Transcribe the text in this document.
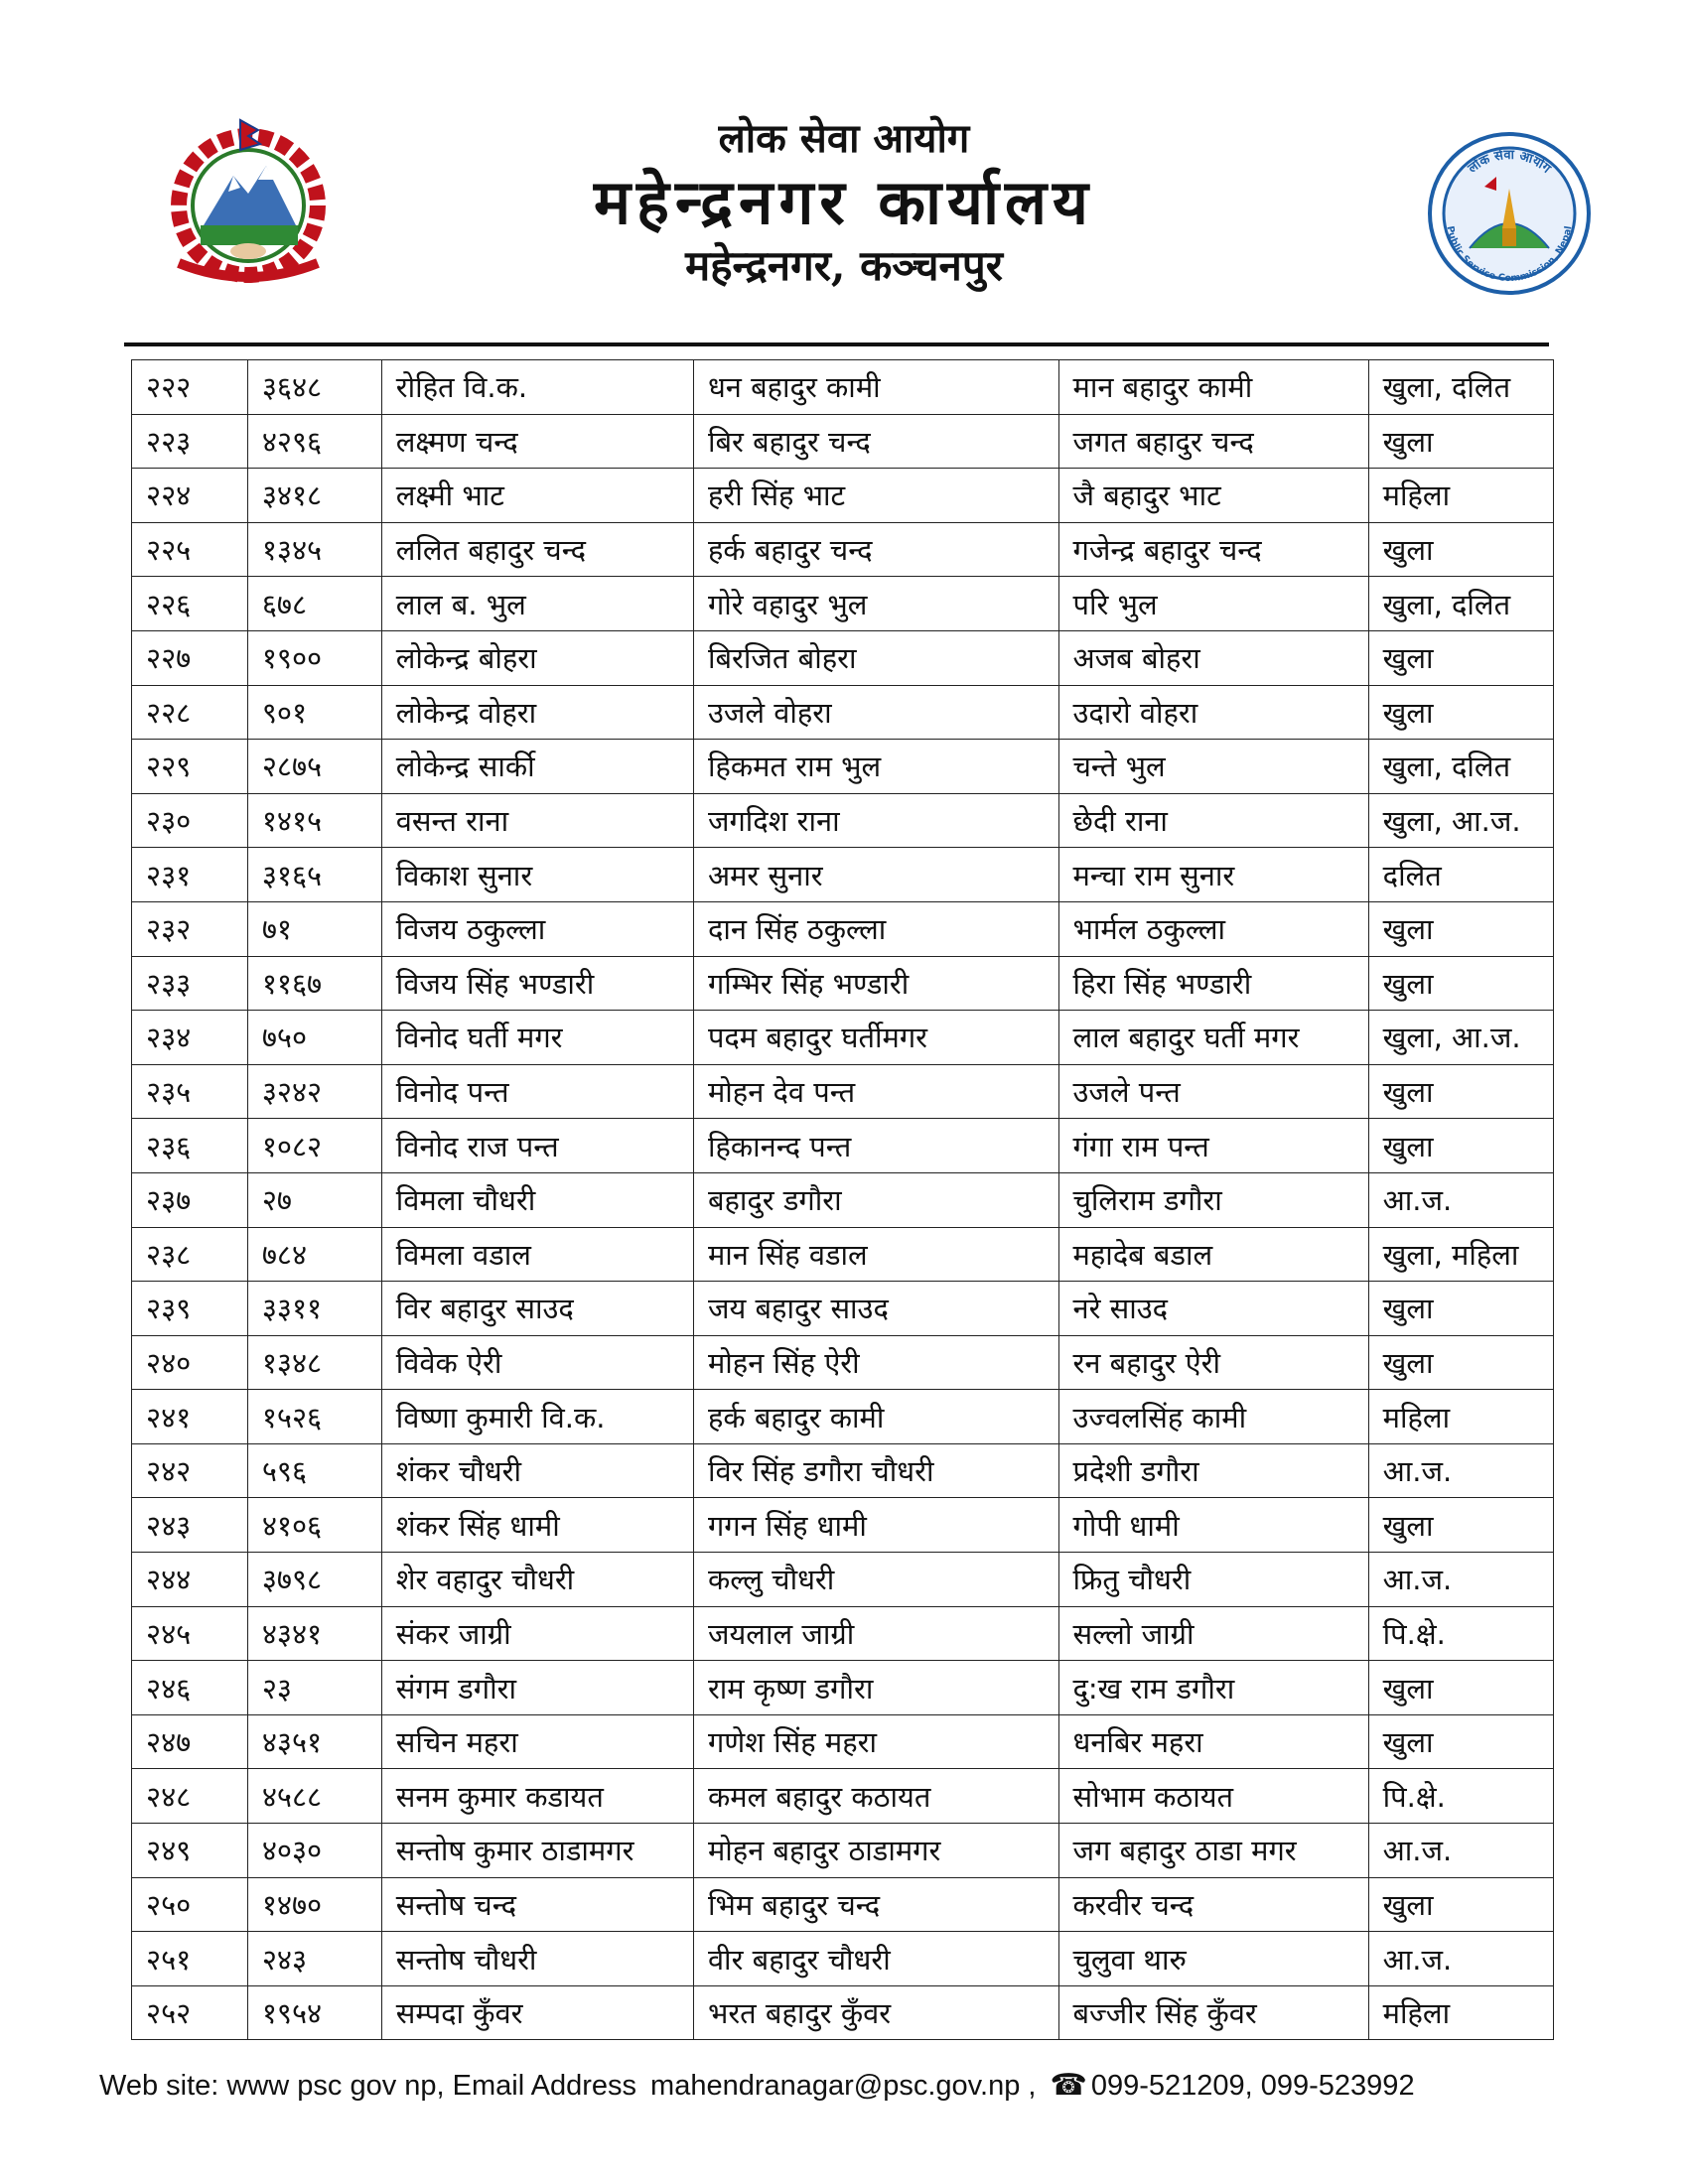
लोक सेवा आयोग
महेन्द्रनगर कार्यालय
महेन्द्रनगर, कञ्चनपुर
लोक सेवा आयोग
Public Service Commission, Nepal
२२२	३६४८	रोहित वि.क.	धन बहादुर कामी	मान बहादुर कामी	खुला, दलित
२२३	४२९६	लक्ष्मण चन्द	बिर बहादुर चन्द	जगत बहादुर चन्द	खुला
२२४	३४१८	लक्ष्मी भाट	हरी सिंह भाट	जै बहादुर भाट	महिला
२२५	१३४५	ललित बहादुर चन्द	हर्क बहादुर चन्द	गजेन्द्र बहादुर चन्द	खुला
२२६	६७८	लाल ब. भुल	गोरे वहादुर भुल	परि भुल	खुला, दलित
२२७	१९००	लोकेन्द्र बोहरा	बिरजित बोहरा	अजब बोहरा	खुला
२२८	९०१	लोकेन्द्र वोहरा	उजले वोहरा	उदारो वोहरा	खुला
२२९	२८७५	लोकेन्द्र सार्की	हिकमत राम भुल	चन्ते भुल	खुला, दलित
२३०	१४१५	वसन्त राना	जगदिश राना	छेदी राना	खुला, आ.ज.
२३१	३१६५	विकाश सुनार	अमर सुनार	मन्चा राम सुनार	दलित
२३२	७१	विजय ठकुल्ला	दान सिंह ठकुल्ला	भार्मल ठकुल्ला	खुला
२३३	११६७	विजय सिंह भण्डारी	गम्भिर सिंह भण्डारी	हिरा सिंह भण्डारी	खुला
२३४	७५०	विनोद घर्ती मगर	पदम बहादुर घर्तीमगर	लाल बहादुर घर्ती मगर	खुला, आ.ज.
२३५	३२४२	विनोद पन्त	मोहन देव पन्त	उजले पन्त	खुला
२३६	१०८२	विनोद राज पन्त	हिकानन्द पन्त	गंगा राम पन्त	खुला
२३७	२७	विमला चौधरी	बहादुर डगौरा	चुलिराम डगौरा	आ.ज.
२३८	७८४	विमला वडाल	मान सिंह वडाल	महादेब बडाल	खुला, महिला
२३९	३३११	विर बहादुर साउद	जय बहादुर साउद	नरे साउद	खुला
२४०	१३४८	विवेक ऐरी	मोहन सिंह ऐरी	रन बहादुर ऐरी	खुला
२४१	१५२६	विष्णा कुमारी वि.क.	हर्क बहादुर कामी	उज्वलसिंह कामी	महिला
२४२	५९६	शंकर चौधरी	विर सिंह डगौरा चौधरी	प्रदेशी डगौरा	आ.ज.
२४३	४१०६	शंकर सिंह धामी	गगन सिंह धामी	गोपी धामी	खुला
२४४	३७९८	शेर वहादुर चौधरी	कल्लु चौधरी	फ्रितु चौधरी	आ.ज.
२४५	४३४१	संकर जाग्री	जयलाल जाग्री	सल्लो जाग्री	पि.क्षे.
२४६	२३	संगम डगौरा	राम कृष्ण डगौरा	दु:ख राम डगौरा	खुला
२४७	४३५१	सचिन महरा	गणेश सिंह महरा	धनबिर महरा	खुला
२४८	४५८८	सनम कुमार कडायत	कमल बहादुर कठायत	सोभाम कठायत	पि.क्षे.
२४९	४०३०	सन्तोष कुमार ठाडामगर	मोहन बहादुर ठाडामगर	जग बहादुर ठाडा मगर	आ.ज.
२५०	१४७०	सन्तोष चन्द	भिम बहादुर चन्द	करवीर चन्द	खुला
२५१	२४३	सन्तोष चौधरी	वीर बहादुर चौधरी	चुलुवा थारु	आ.ज.
२५२	१९५४	सम्पदा कुँवर	भरत बहादुर कुँवर	बज्जीर सिंह कुँवर	महिला
Web site: www psc gov np, Email Address mahendranagar@psc.gov.np , ☎ 099-521209, 099-523992
